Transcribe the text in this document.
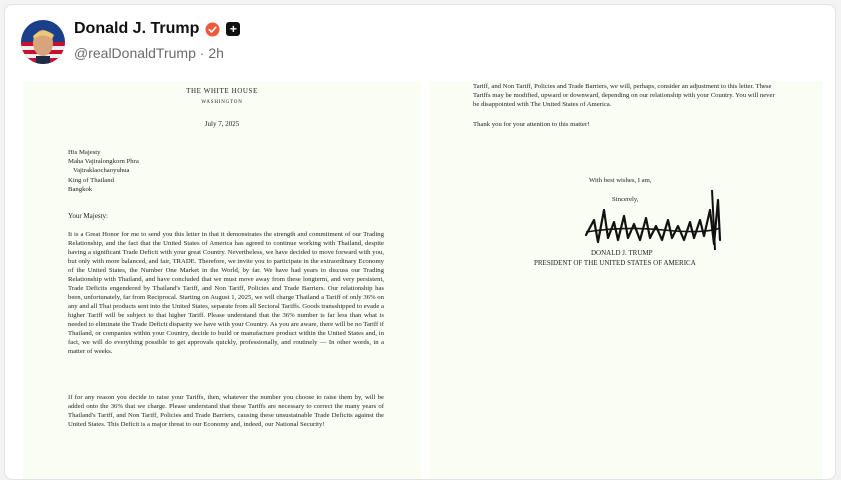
Donald J. Trump	+
@realDonaldTrump · 2h
THE WHITE HOUSE
WASHINGTON
July 7, 2025
His Majesty
Maha Vajiralongkorn Phra
Vajiraklaochaoyuhua
King of Thailand
Bangkok
Your Majesty:
It is a Great Honor for me to send you this letter in that it demonstrates the strength and commitment of our Trading Relationship, and the fact that the United States of America has agreed to continue working with Thailand, despite having a significant Trade Deficit with your great Country. Nevertheless, we have decided to move forward with you, but only with more balanced, and fair, TRADE. Therefore, we invite you to participate in the extraordinary Economy of the United States, the Number One Market in the World, by far. We have had years to discuss our Trading Relationship with Thailand, and have concluded that we must move away from these longterm, and very persistent, Trade Deficits engendered by Thailand's Tariff, and Non Tariff, Policies and Trade Barriers. Our relationship has been, unfortunately, far from Reciprocal. Starting on August 1, 2025, we will charge Thailand a Tariff of only 36% on any and all Thai products sent into the United States, separate from all Sectoral Tariffs. Goods transshipped to evade a higher Tariff will be subject to that higher Tariff. Please understand that the 36% number is far less than what is needed to eliminate the Trade Deficit disparity we have with your Country. As you are aware, there will be no Tariff if Thailand, or companies within your Country, decide to build or manufacture product within the United States and, in fact, we will do everything possible to get approvals quickly, professionally, and routinely — In other words, in a matter of weeks.
If for any reason you decide to raise your Tariffs, then, whatever the number you choose to raise them by, will be added onto the 36% that we charge. Please understand that these Tariffs are necessary to correct the many years of Thailand's Tariff, and Non Tariff, Policies and Trade Barriers, causing these unsustainable Trade Deficits against the United States. This Deficit is a major threat to our Economy and, indeed, our National Security!
Tariff, and Non Tariff, Policies and Trade Barriers, we will, perhaps, consider an adjustment to this letter. These Tariffs may be modified, upward or downward, depending on our relationship with your Country. You will never be disappointed with The United States of America.
Thank you for your attention to this matter!
With best wishes, I am,
Sincerely,
DONALD J. TRUMP
PRESIDENT OF THE UNITED STATES OF AMERICA
